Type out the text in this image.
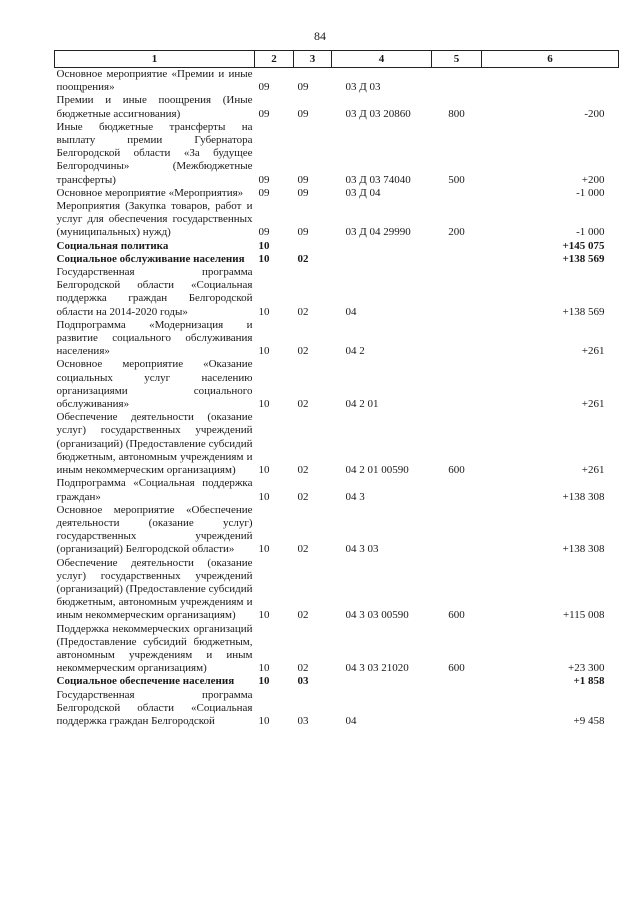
84
1	2	3	4	5	6
Основное мероприятие «Премии и иные поощрения»	09	09	03 Д 03		
Премии и иные поощрения (Иные бюджетные ассигнования)	09	09	03 Д 03 20860	800	-200
Иные бюджетные трансферты на выплату премии Губернатора Белгородской области «За будущее Белгородчины» (Межбюджетные трансферты)	09	09	03 Д 03 74040	500	+200
Основное мероприятие «Мероприятия»	09	09	03 Д 04		-1 000
Мероприятия (Закупка товаров, работ и услуг для обеспечения государственных (муниципальных) нужд)	09	09	03 Д 04 29990	200	-1 000
Социальная политика	10				+145 075
Социальное обслуживание населения	10	02			+138 569
Государственная программа Белгородской области «Социальная поддержка граждан Белгородской области на 2014-2020 годы»	10	02	04		+138 569
Подпрограмма «Модернизация и развитие социального обслуживания населения»	10	02	04 2		+261
Основное мероприятие «Оказание социальных услуг населению организациями социального обслуживания»	10	02	04 2 01		+261
Обеспечение деятельности (оказание услуг) государственных учреждений (организаций) (Предоставление субсидий бюджетным, автономным учреждениям и иным некоммерческим организациям)	10	02	04 2 01 00590	600	+261
Подпрограмма «Социальная поддержка граждан»	10	02	04 3		+138 308
Основное мероприятие «Обеспечение деятельности (оказание услуг) государственных учреждений (организаций) Белгородской области»	10	02	04 3 03		+138 308
Обеспечение деятельности (оказание услуг) государственных учреждений (организаций) (Предоставление субсидий бюджетным, автономным учреждениям и иным некоммерческим организациям)	10	02	04 3 03 00590	600	+115 008
Поддержка некоммерческих организаций (Предоставление субсидий бюджетным, автономным учреждениям и иным некоммерческим организациям)	10	02	04 3 03 21020	600	+23 300
Социальное обеспечение населения	10	03			+1 858
Государственная программа Белгородской области «Социальная поддержка граждан Белгородской	10	03	04		+9 458
